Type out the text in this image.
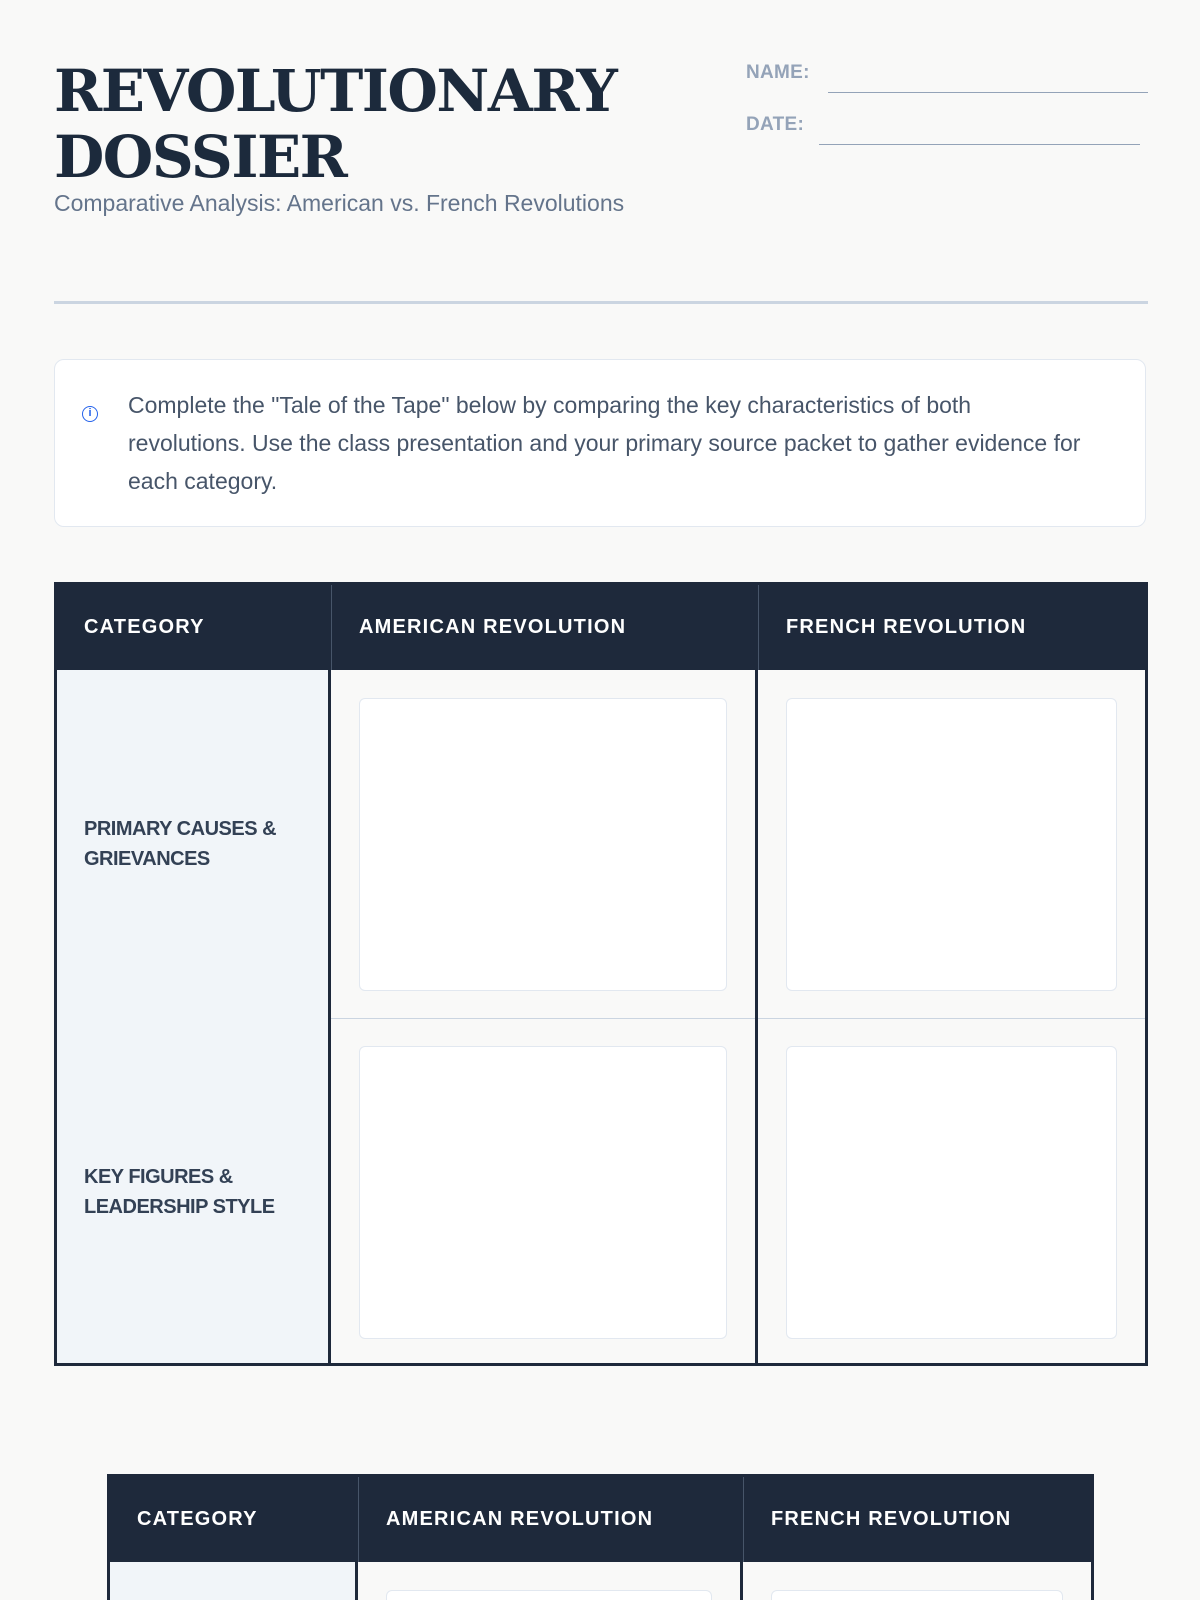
REVOLUTIONARY
DOSSIER
Comparative Analysis: American vs. French Revolutions
NAME:
DATE:
i Complete the "Tale of the Tape" below by comparing the key characteristics of both revolutions. Use the class presentation and your primary source packet to gather evidence for each category.
CATEGORY	AMERICAN REVOLUTION	FRENCH REVOLUTION
PRIMARY CAUSES & GRIEVANCES
KEY FIGURES & LEADERSHIP STYLE
CATEGORY	AMERICAN REVOLUTION	FRENCH REVOLUTION
